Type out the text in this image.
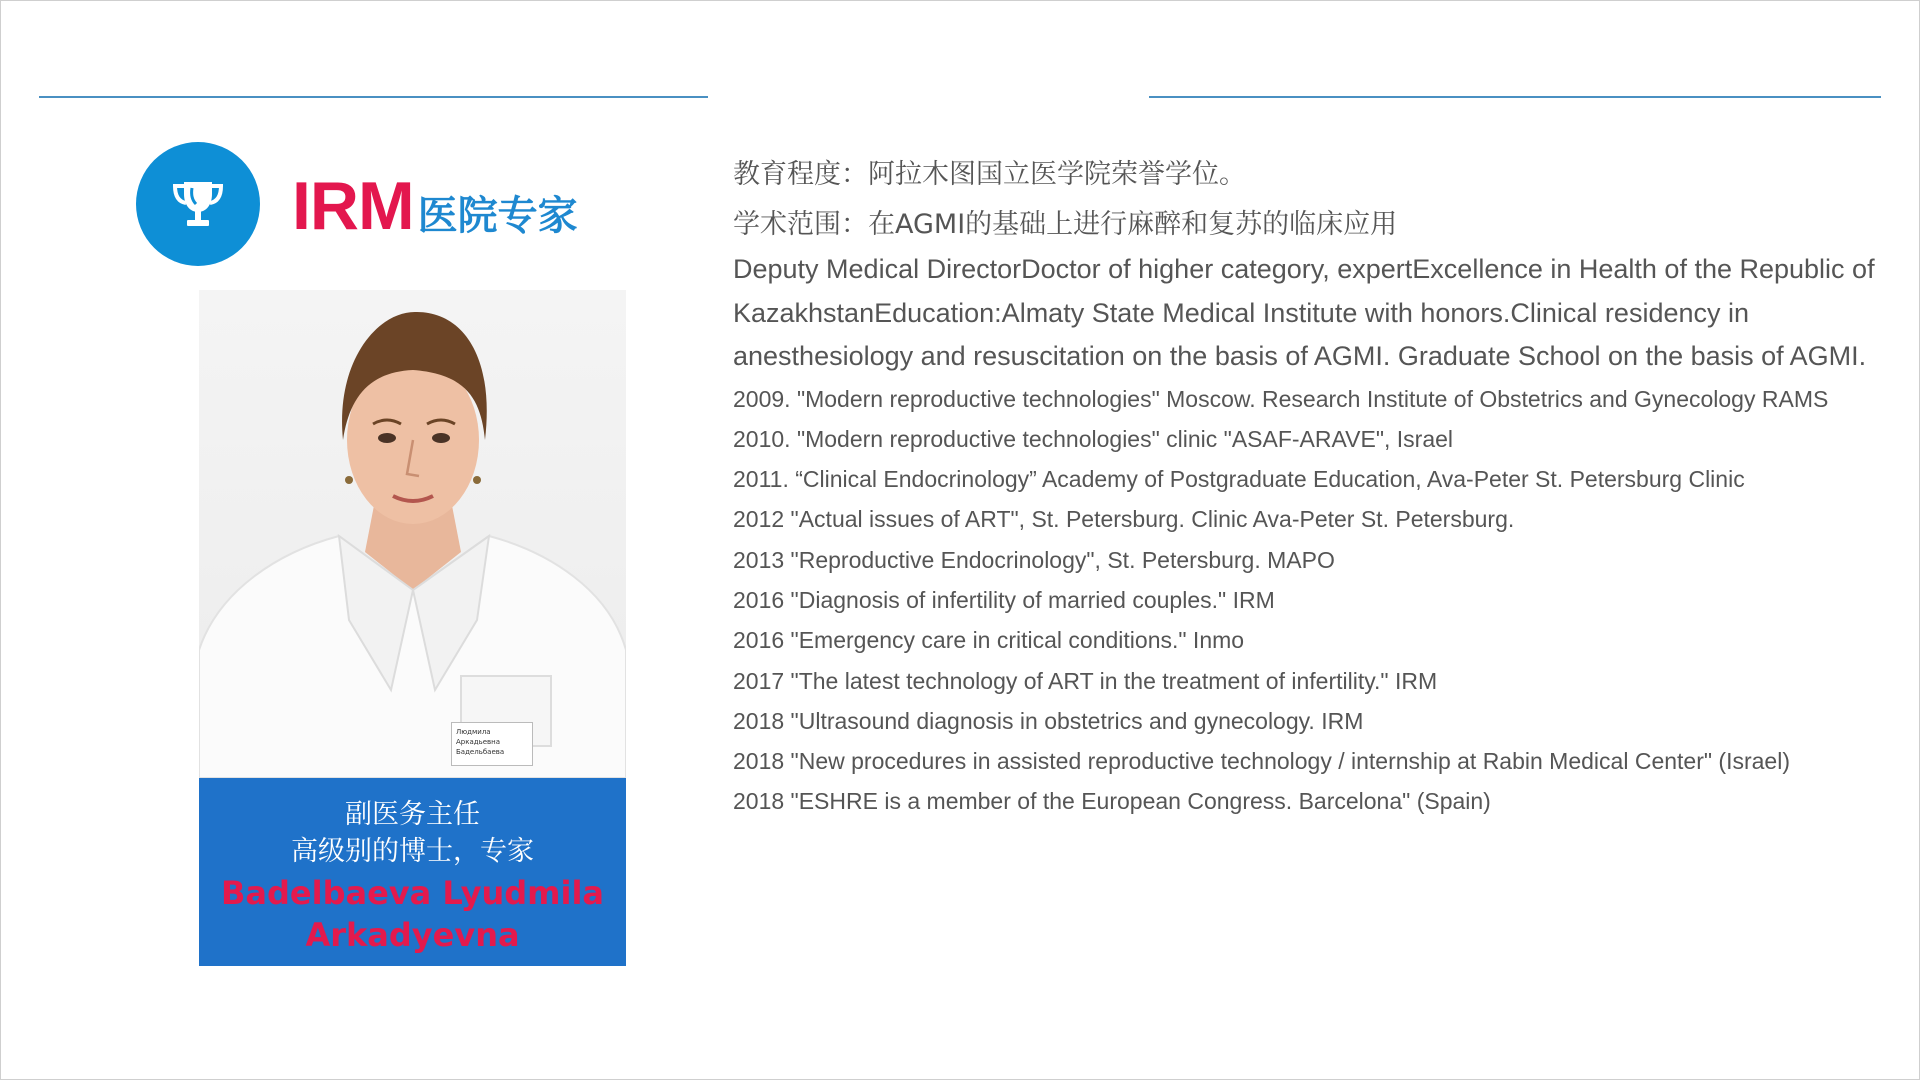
IRM 医院专家
Людмила Аркадьевна
Бадельбаева
副医务主任
高级别的博士，专家
Badelbaeva Lyudmila
Arkadyevna
教育程度：阿拉木图国立医学院荣誉学位。
学术范围：在AGMI的基础上进行麻醉和复苏的临床应用
Deputy Medical DirectorDoctor of higher category, expertExcellence in Health of the Republic of KazakhstanEducation:Almaty State Medical Institute with honors.Clinical residency in anesthesiology and resuscitation on the basis of AGMI. Graduate School on the basis of AGMI.
2009. "Modern reproductive technologies" Moscow. Research Institute of Obstetrics and Gynecology RAMS
2010. "Modern reproductive technologies" clinic "ASAF-ARAVE", Israel
2011. “Clinical Endocrinology” Academy of Postgraduate Education, Ava-Peter St. Petersburg Clinic
2012 "Actual issues of ART", St. Petersburg. Clinic Ava-Peter St. Petersburg.
2013 "Reproductive Endocrinology", St. Petersburg. MAPO
2016 "Diagnosis of infertility of married couples." IRM
2016 "Emergency care in critical conditions." Inmo
2017 "The latest technology of ART in the treatment of infertility." IRM
2018 "Ultrasound diagnosis in obstetrics and gynecology. IRM
2018 "New procedures in assisted reproductive technology / internship at Rabin Medical Center" (Israel)
2018 "ESHRE is a member of the European Congress. Barcelona" (Spain)
